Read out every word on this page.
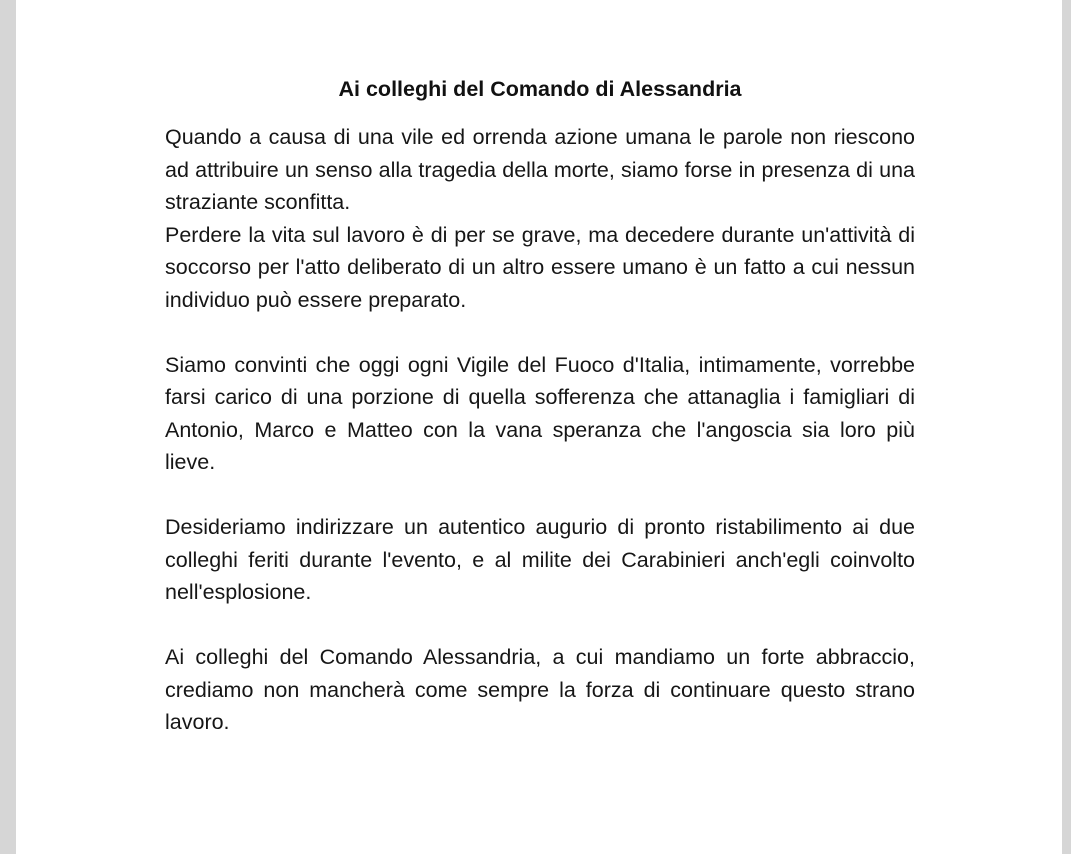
Ai colleghi del Comando di Alessandria

Quando a causa di una vile ed orrenda azione umana le parole non riescono ad attribuire un senso alla tragedia della morte, siamo forse in presenza di una straziante sconfitta.

Perdere la vita sul lavoro è di per se grave, ma decedere durante un'attività di soccorso per l'atto deliberato di un altro essere umano è un fatto a cui nessun individuo può essere preparato.

Siamo convinti che oggi ogni Vigile del Fuoco d'Italia, intimamente, vorrebbe farsi carico di una porzione di quella sofferenza che attanaglia i famigliari di Antonio, Marco e Matteo con la vana speranza che l'angoscia sia loro più lieve.

Desideriamo indirizzare un autentico augurio di pronto ristabilimento ai due colleghi feriti durante l'evento, e al milite dei Carabinieri anch'egli coinvolto nell'esplosione.

Ai colleghi del Comando Alessandria, a cui mandiamo un forte abbraccio, crediamo non mancherà come sempre la forza di continuare questo strano lavoro.
